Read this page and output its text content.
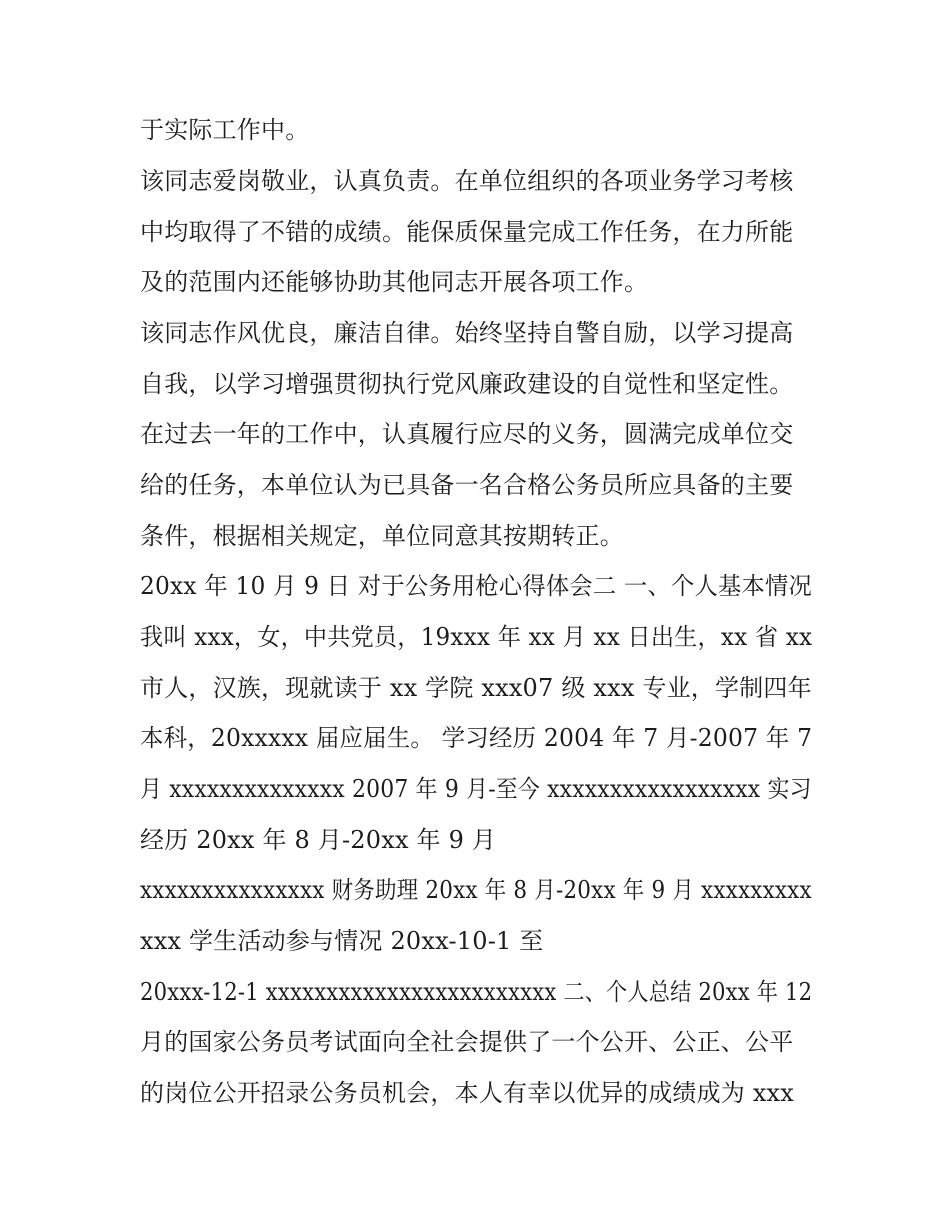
于实际工作中。

该同志爱岗敬业，认真负责。在单位组织的各项业务学习考核

中均取得了不错的成绩。能保质保量完成工作任务，在力所能

及的范围内还能够协助其他同志开展各项工作。

该同志作风优良，廉洁自律。始终坚持自警自励，以学习提高

自我，以学习增强贯彻执行党风廉政建设的自觉性和坚定性。

在过去一年的工作中，认真履行应尽的义务，圆满完成单位交

给的任务，本单位认为已具备一名合格公务员所应具备的主要

条件，根据相关规定，单位同意其按期转正。

20xx 年 10 月 9 日 对于公务用枪心得体会二 一、个人基本情况

我叫 xxx，女，中共党员，19xxx 年 xx 月 xx 日出生，xx 省 xx

市人，汉族，现就读于 xx 学院 xxx07 级 xxx 专业，学制四年

本科，20xxxxx 届应届生。 学习经历 2004 年 7 月-2007 年 7

月 xxxxxxxxxxxxxx 2007 年 9 月-至今 xxxxxxxxxxxxxxxxx 实习

经历 20xx 年 8 月-20xx 年 9 月

xxxxxxxxxxxxxxx 财务助理 20xx 年 8 月-20xx 年 9 月 xxxxxxxxx

xxx 学生活动参与情况 20xx-10-1 至

20xxx-12-1 xxxxxxxxxxxxxxxxxxxxxxxx 二、个人总结 20xx 年 12

月的国家公务员考试面向全社会提供了一个公开、公正、公平

的岗位公开招录公务员机会，本人有幸以优异的成绩成为 xxx
